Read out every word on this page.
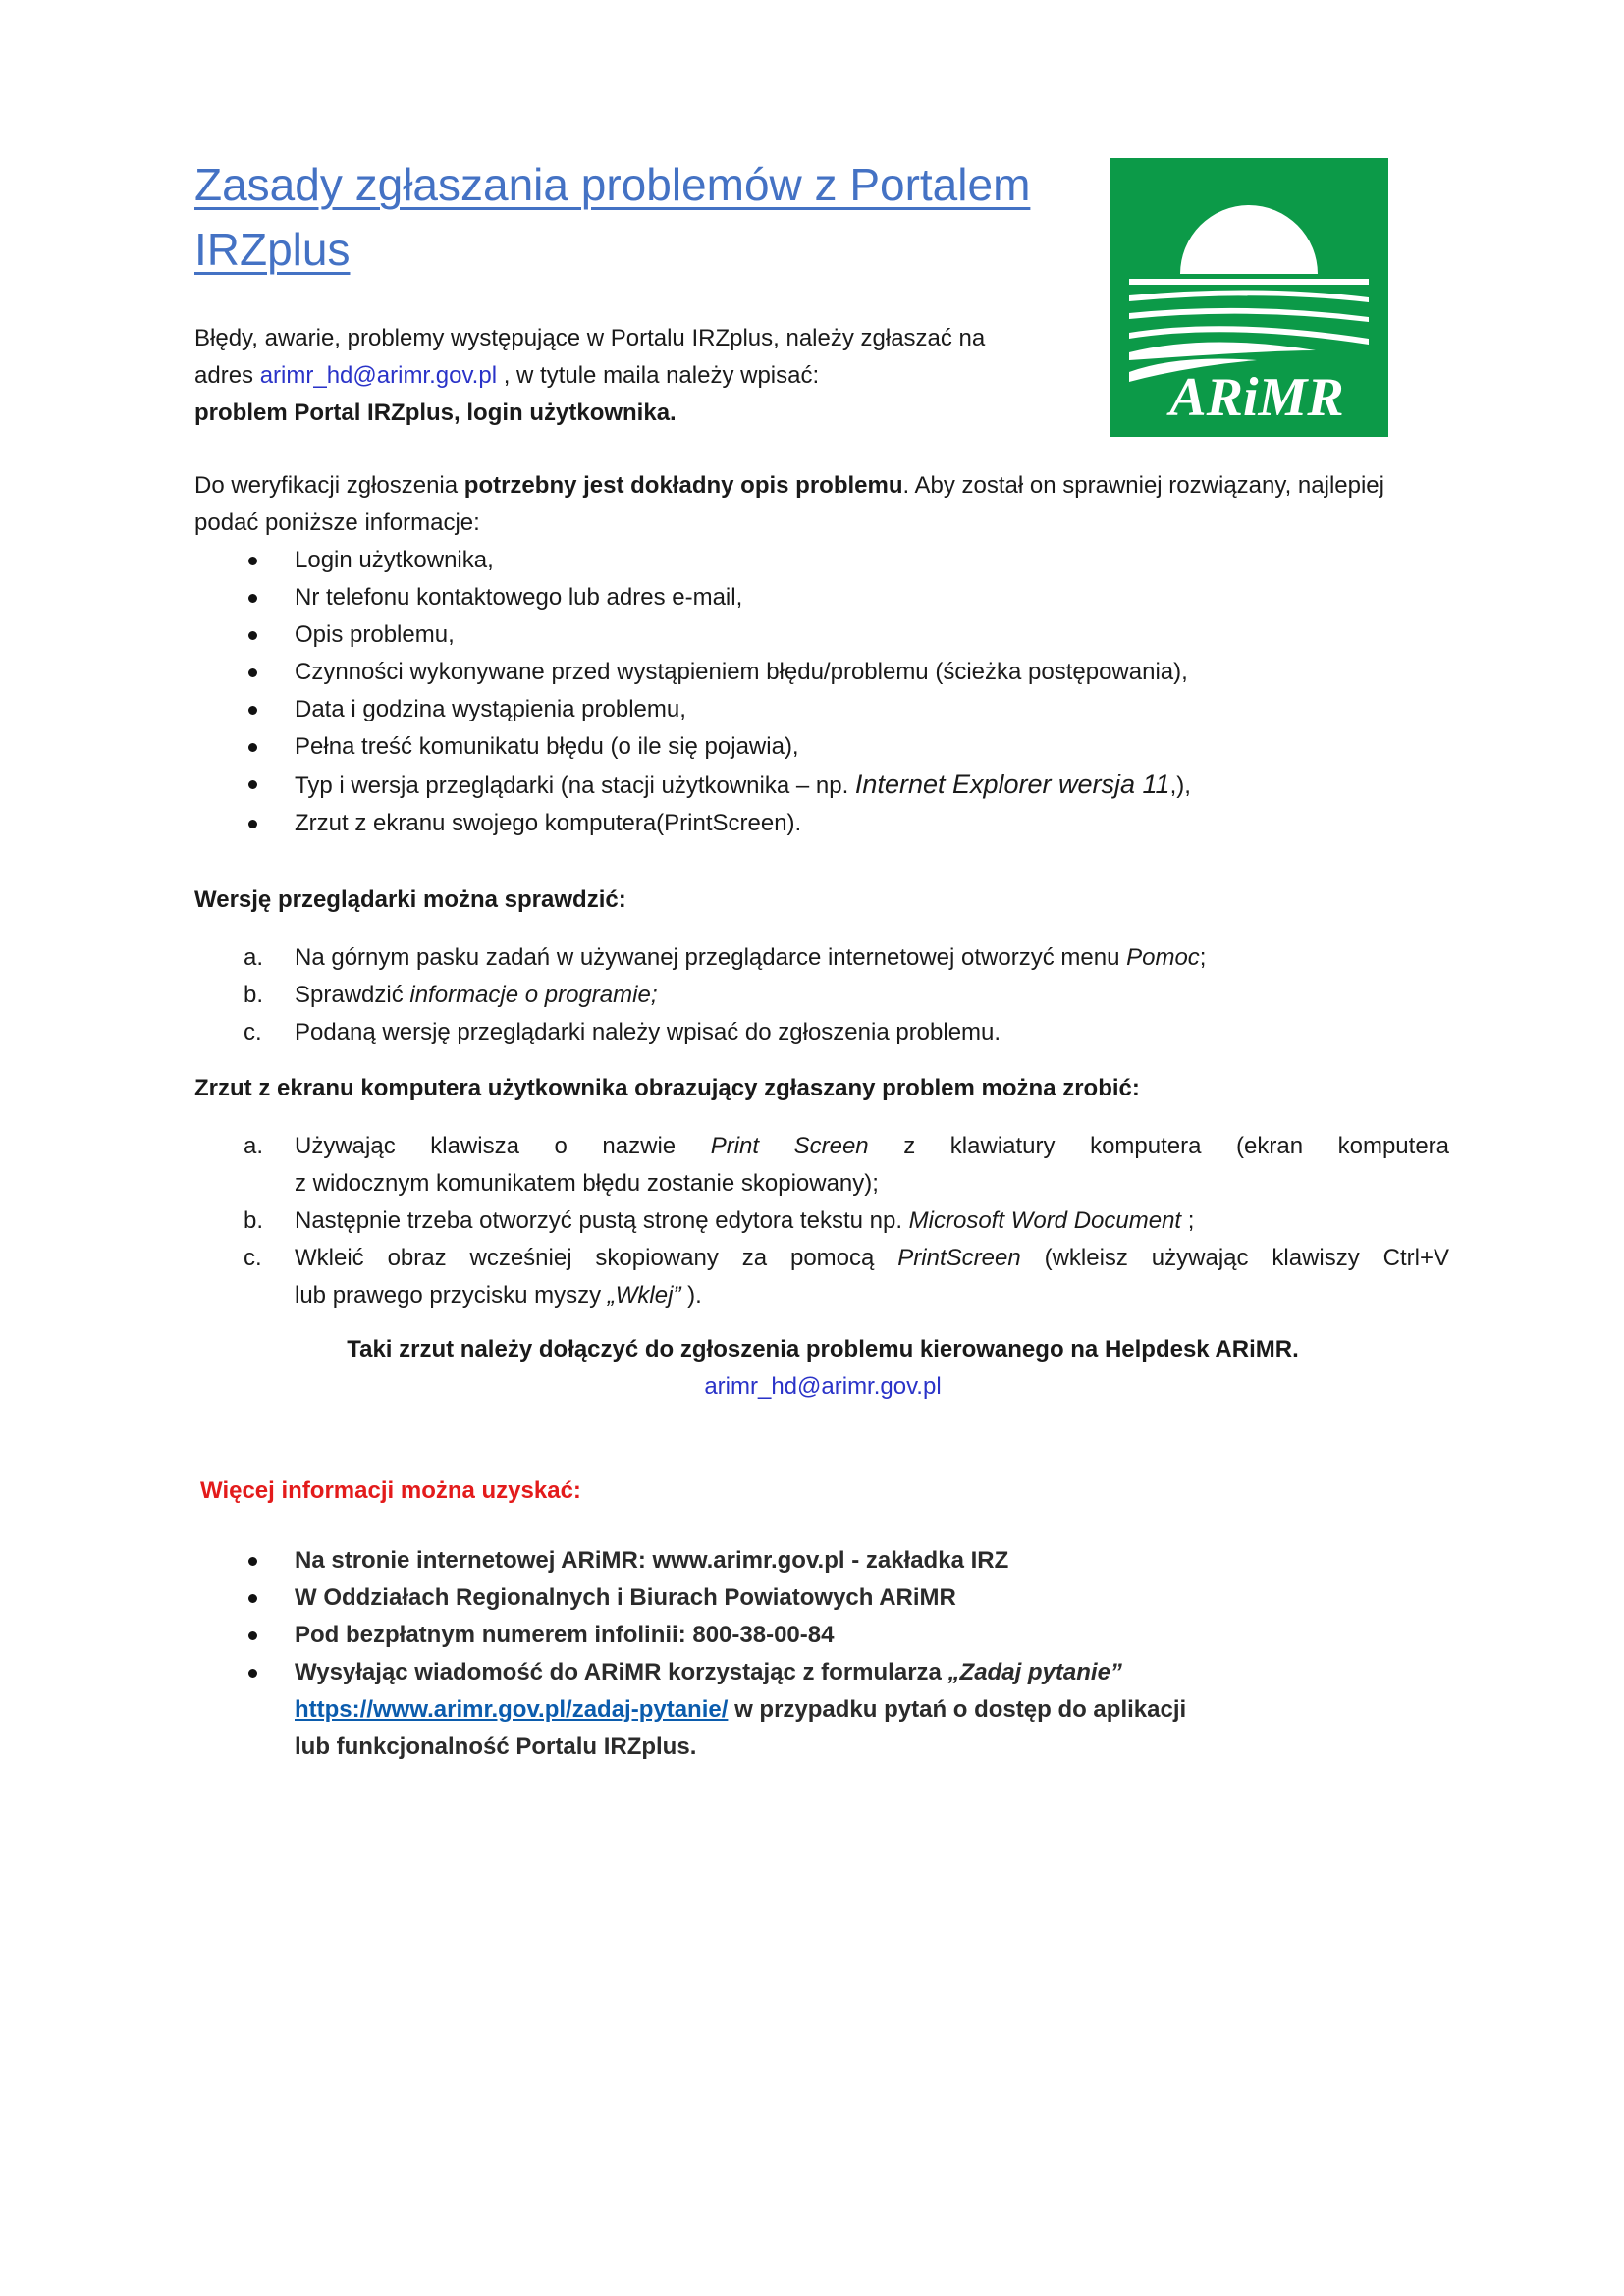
Zasady zgłaszania problemów z Portalem IRZplus
ARiMR
Błędy, awarie, problemy występujące w Portalu IRZplus, należy zgłaszać na
adres arimr_hd@arimr.gov.pl , w tytule maila należy wpisać:
problem Portal IRZplus, login użytkownika.
Do weryfikacji zgłoszenia potrzebny jest dokładny opis problemu. Aby został on sprawniej rozwiązany, najlepiej
podać poniższe informacje:
Login użytkownika,
Nr telefonu kontaktowego lub adres e-mail,
Opis problemu,
Czynności wykonywane przed wystąpieniem błędu/problemu (ścieżka postępowania),
Data i godzina wystąpienia problemu,
Pełna treść komunikatu błędu (o ile się pojawia),
Typ i wersja przeglądarki (na stacji użytkownika – np. Internet Explorer wersja 11,),
Zrzut z ekranu swojego komputera(PrintScreen).
Wersję przeglądarki można sprawdzić:
a. Na górnym pasku zadań w używanej przeglądarce internetowej otworzyć menu Pomoc;
b. Sprawdzić informacje o programie;
c. Podaną wersję przeglądarki należy wpisać do zgłoszenia problemu.
Zrzut z ekranu komputera użytkownika obrazujący zgłaszany problem można zrobić:
a. Używając klawisza o nazwie Print Screen z klawiatury komputera (ekran komputera
z widocznym komunikatem błędu zostanie skopiowany);
b. Następnie trzeba otworzyć pustą stronę edytora tekstu np. Microsoft Word Document ;
c. Wkleić obraz wcześniej skopiowany za pomocą PrintScreen (wkleisz używając klawiszy Ctrl+V
lub prawego przycisku myszy „Wklej” ).
Taki zrzut należy dołączyć do zgłoszenia problemu kierowanego na Helpdesk ARiMR.
arimr_hd@arimr.gov.pl
Więcej informacji można uzyskać:
Na stronie internetowej ARiMR: www.arimr.gov.pl - zakładka IRZ
W Oddziałach Regionalnych i Biurach Powiatowych ARiMR
Pod bezpłatnym numerem infolinii: 800-38-00-84
Wysyłając wiadomość do ARiMR korzystając z formularza „Zadaj pytanie”
https://www.arimr.gov.pl/zadaj-pytanie/ w przypadku pytań o dostęp do aplikacji
lub funkcjonalność Portalu IRZplus.
